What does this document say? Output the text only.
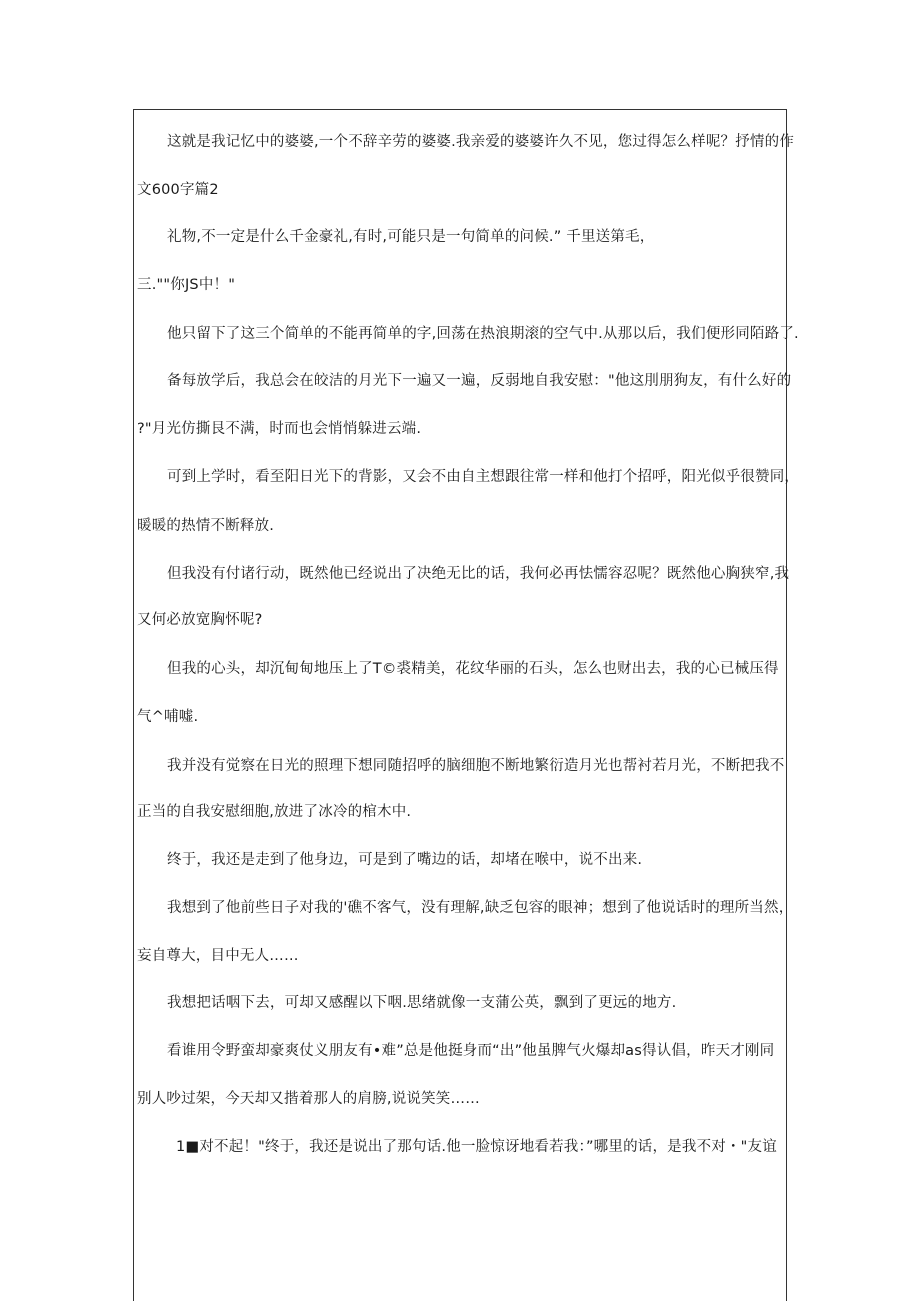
这就是我记忆中的婆婆,一个不辞辛劳的婆婆.我亲爱的婆婆许久不见，您过得怎么样呢？抒情的作
文600字篇2
礼物,不一定是什么千金豪礼,有时,可能只是一句简单的问候.” 千里送第毛，
三.""你JS中！"
他只留下了这三个简单的不能再简单的字,回荡在热浪期滚的空气中.从那以后，我们便形同陌路了.
备每放学后，我总会在皎洁的月光下一遍又一遍，反弱地自我安慰："他这刖朋狗友，有什么好的
?"月光仿撕艮不满，时而也会悄悄躲进云端.
可到上学时，看至阳日光下的背影，又会不由自主想跟往常一样和他打个招呼，阳光似乎很赞同，
暖暖的热情不断释放.
但我没有付诸行动，既然他已经说出了决绝无比的话，我何必再怯懦容忍呢？既然他心胸狭窄,我
又何必放宽胸怀呢?
但我的心头，却沉甸甸地压上了T©裘精美，花纹华丽的石头，怎么也财出去，我的心已械压得
气^哺嘘.
我并没有觉察在日光的照理下想同随招呼的脑细胞不断地繁衍造月光也帮衬若月光，不断把我不
正当的自我安慰细胞,放进了冰冷的棺木中.
终于，我还是走到了他身边，可是到了嘴边的话，却堵在喉中，说不出来.
我想到了他前些日子对我的'礁不客气，没有理解,缺乏包容的眼神；想到了他说话时的理所当然，
妄自尊大，目中无人……
我想把话咽下去，可却又感醒以下咽.思绪就像一支蒲公英，飘到了更远的地方.
看谁用令野蛮却豪爽仗义朋友有•难”总是他挺身而“出”他虽脾气火爆却as得认倡，昨天才刚同
别人吵过架，今天却又揩着那人的肩膀,说说笑笑……
1■对不起！"终于，我还是说出了那句话.他一脸惊讶地看若我：”哪里的话，是我不对・"友谊
